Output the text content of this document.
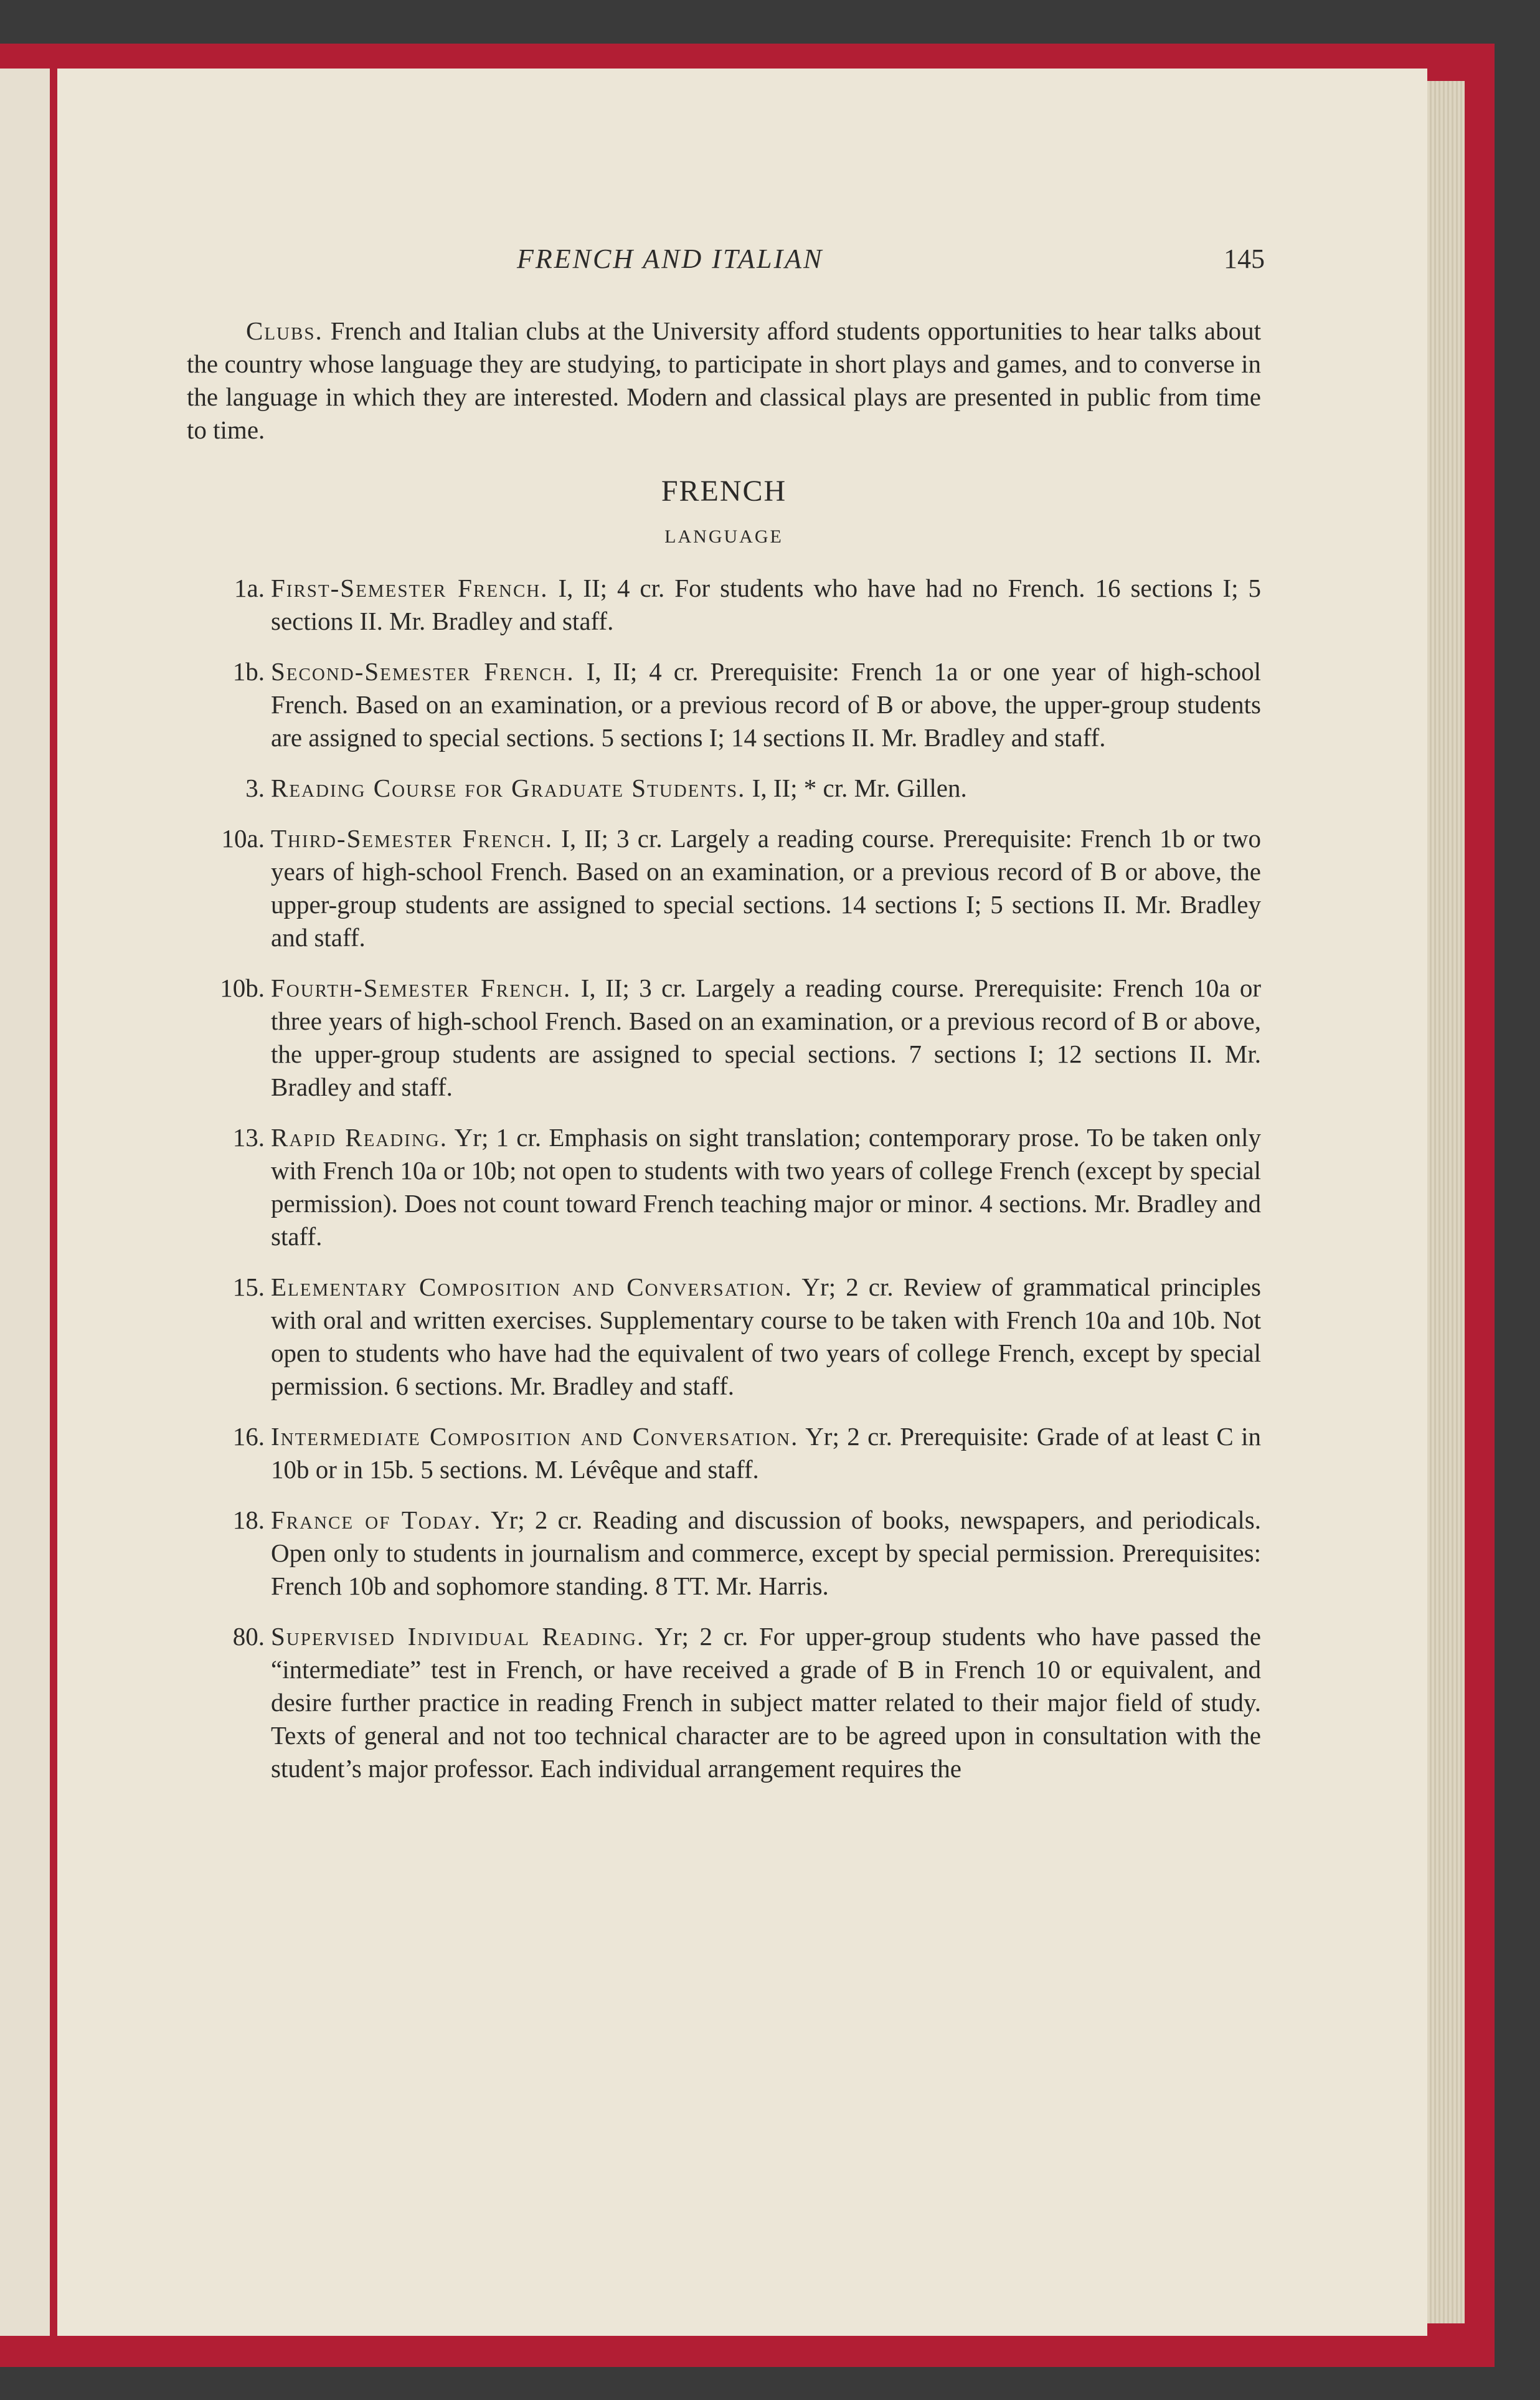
FRENCH AND ITALIAN	145

Clubs. French and Italian clubs at the University afford students opportunities to hear talks about the country whose language they are studying, to participate in short plays and games, and to converse in the language in which they are interested. Modern and classical plays are presented in public from time to time.

FRENCH
LANGUAGE
1a. First-Semester French. I, II; 4 cr. For students who have had no French. 16 sections I; 5 sections II. Mr. Bradley and staff.
1b. Second-Semester French. I, II; 4 cr. Prerequisite: French 1a or one year of high-school French. Based on an examination, or a previous record of B or above, the upper-group students are assigned to special sections. 5 sections I; 14 sections II. Mr. Bradley and staff.
3. Reading Course for Graduate Students. I, II; * cr. Mr. Gillen.
10a. Third-Semester French. I, II; 3 cr. Largely a reading course. Prerequisite: French 1b or two years of high-school French. Based on an examination, or a previous record of B or above, the upper-group students are assigned to special sections. 14 sections I; 5 sections II. Mr. Bradley and staff.
10b. Fourth-Semester French. I, II; 3 cr. Largely a reading course. Prerequisite: French 10a or three years of high-school French. Based on an examination, or a previous record of B or above, the upper-group students are assigned to special sections. 7 sections I; 12 sections II. Mr. Bradley and staff.
13. Rapid Reading. Yr; 1 cr. Emphasis on sight translation; contemporary prose. To be taken only with French 10a or 10b; not open to students with two years of college French (except by special permission). Does not count toward French teaching major or minor. 4 sections. Mr. Bradley and staff.
15. Elementary Composition and Conversation. Yr; 2 cr. Review of grammatical principles with oral and written exercises. Supplementary course to be taken with French 10a and 10b. Not open to students who have had the equivalent of two years of college French, except by special permission. 6 sections. Mr. Bradley and staff.
16. Intermediate Composition and Conversation. Yr; 2 cr. Prerequisite: Grade of at least C in 10b or in 15b. 5 sections. M. Lévêque and staff.
18. France of Today. Yr; 2 cr. Reading and discussion of books, newspapers, and periodicals. Open only to students in journalism and commerce, except by special permission. Prerequisites: French 10b and sophomore standing. 8 TT. Mr. Harris.
80. Supervised Individual Reading. Yr; 2 cr. For upper-group students who have passed the “intermediate” test in French, or have received a grade of B in French 10 or equivalent, and desire further practice in reading French in subject matter related to their major field of study. Texts of general and not too technical character are to be agreed upon in consultation with the student’s major professor. Each individual arrangement requires the
